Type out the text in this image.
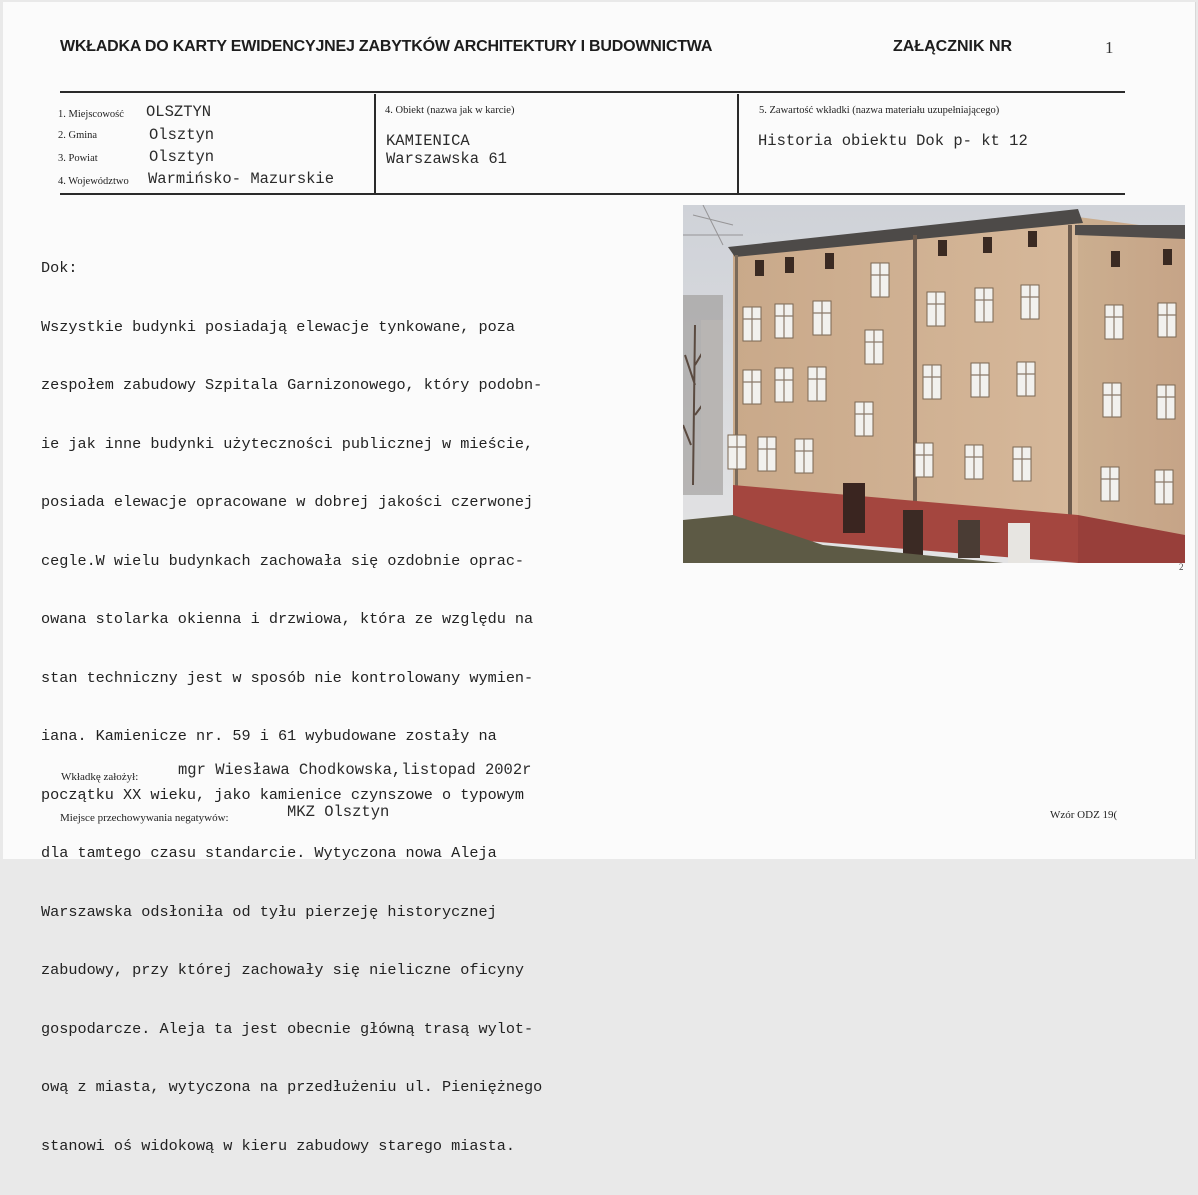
WKŁADKA DO KARTY EWIDENCYJNEJ ZABYTKÓW ARCHITEKTURY I BUDOWNICTWA	ZAŁĄCZNIK NR	1
1. Miejscowość OLSZTYN
2. Gmina	Olsztyn
3. Powiat	Olsztyn
4. Województwo Warmińsko- Mazurskie
4. Obiekt (nazwa jak w karcie)
KAMIENICA
Warszawska 61
5. Zawartość wkładki (nazwa materiału uzupełniającego)
Historia obiektu Dok p- kt 12

Dok:

Wszystkie budynki posiadają elewacje tynkowane, poza

zespołem zabudowy Szpitala Garnizonowego, który podobn-

ie jak inne budynki użyteczności publicznej w mieście,

posiada elewacje opracowane w dobrej jakości czerwonej

cegle.W wielu budynkach zachowała się ozdobnie oprac-

owana stolarka okienna i drzwiowa, która ze względu na

stan techniczny jest w sposób nie kontrolowany wymien-

iana. Kamienicze nr. 59 i 61 wybudowane zostały na

początku XX wieku, jako kamienice czynszowe o typowym

dla tamtego czasu standarcie. Wytyczona nowa Aleja

Warszawska odsłoniła od tyłu pierzeję historycznej

zabudowy, przy której zachowały się nieliczne oficyny

gospodarcze. Aleja ta jest obecnie główną trasą wylot-

ową z miasta, wytyczona na przedłużeniu ul. Pieniężnego

stanowi oś widokową w kieru zabudowy starego miasta.

2
Wkładkę założył:	mgr Wiesława Chodkowska,listopad 2002r
Miejsce przechowywania negatywów:	MKZ Olsztyn	Wzór ODZ 19(
